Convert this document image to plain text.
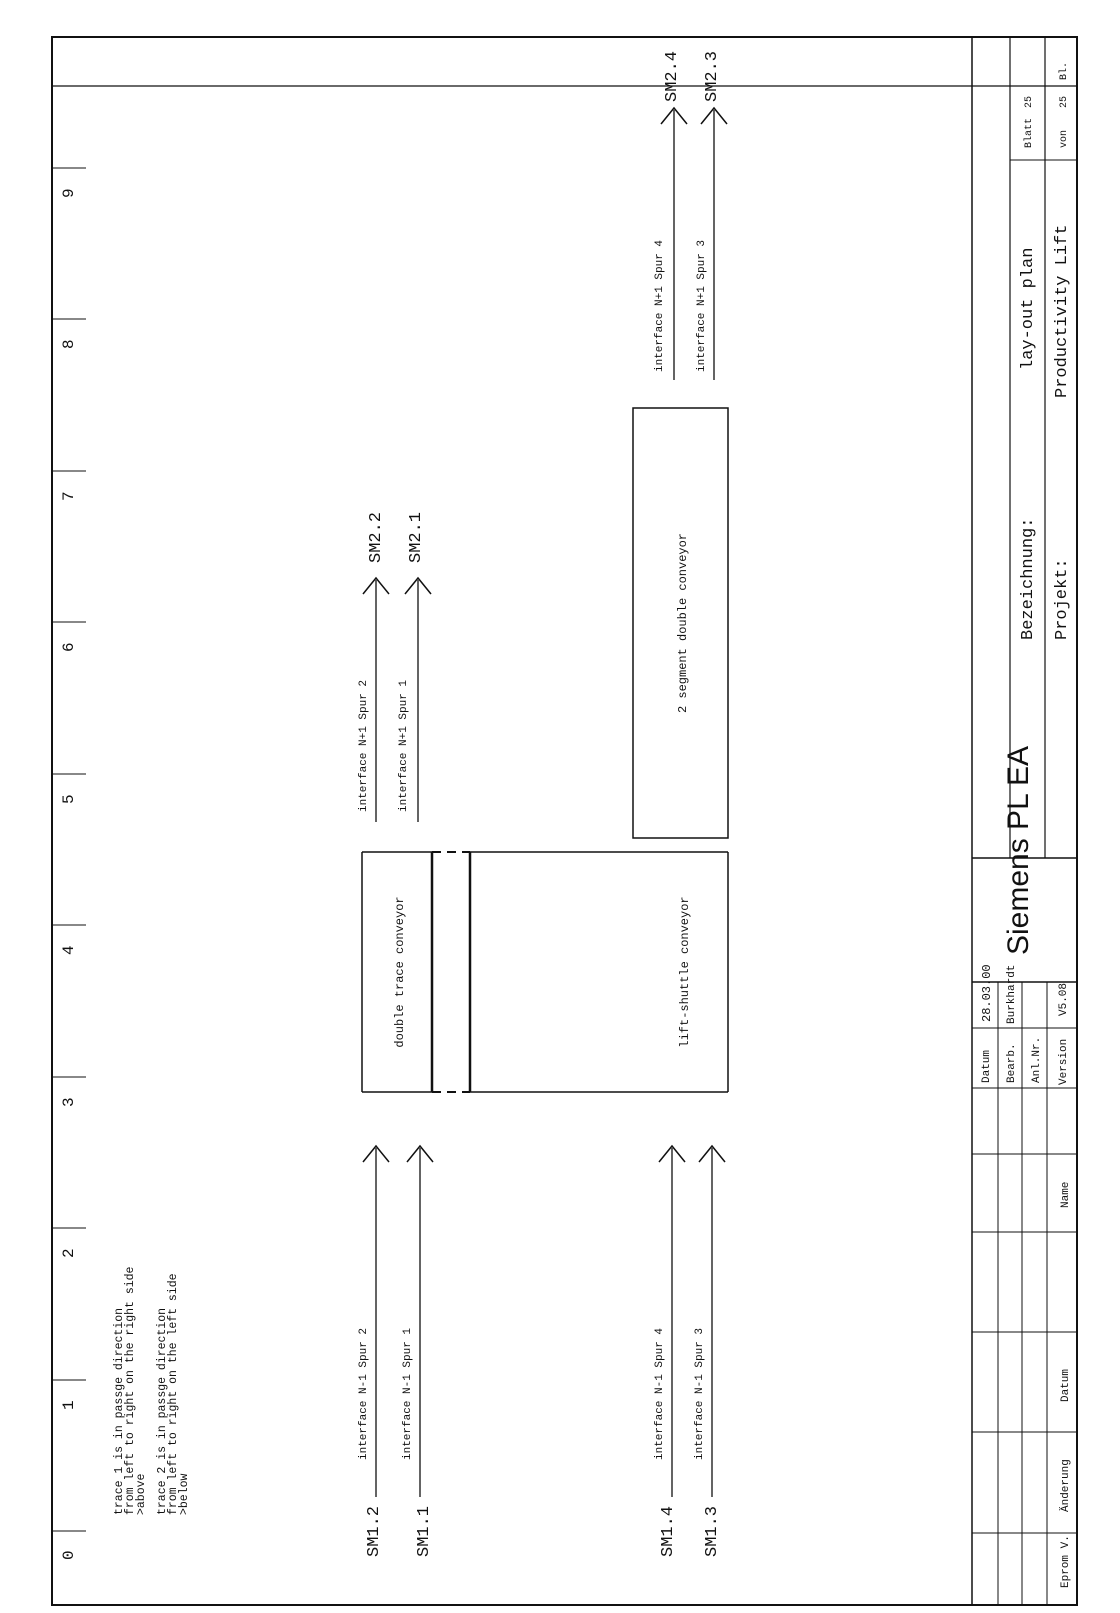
0
1
2
3
4
5
6
7
8
9
trace 1 is in passge direction
from left to right on the right side
>above trace 2 is in passge direction
from left to right on the left side
>below
SM1.2
interface N-1 Spur 2
SM1.1
interface N-1 Spur 1
SM1.4
interface N-1 Spur 4
SM1.3
interface N-1 Spur 3
double trace conveyor	lift-shuttle conveyor
2 segment double conveyor
interface N+1 Spur 2
SM2.2
interface N+1 Spur 1
SM2.1
interface N+1 Spur 4
SM2.4
interface N+1 Spur 3
SM2.3
Eprom V.
Änderung
Datum
Name
Datum Bearb. Anl.Nr. Version
28.03.00 Burkhardt	V5.08
Siemens PL EA
Bezeichnung:
lay-out plan
Projekt:
Productivity Lift
Blatt
25
von
25
Bl.
